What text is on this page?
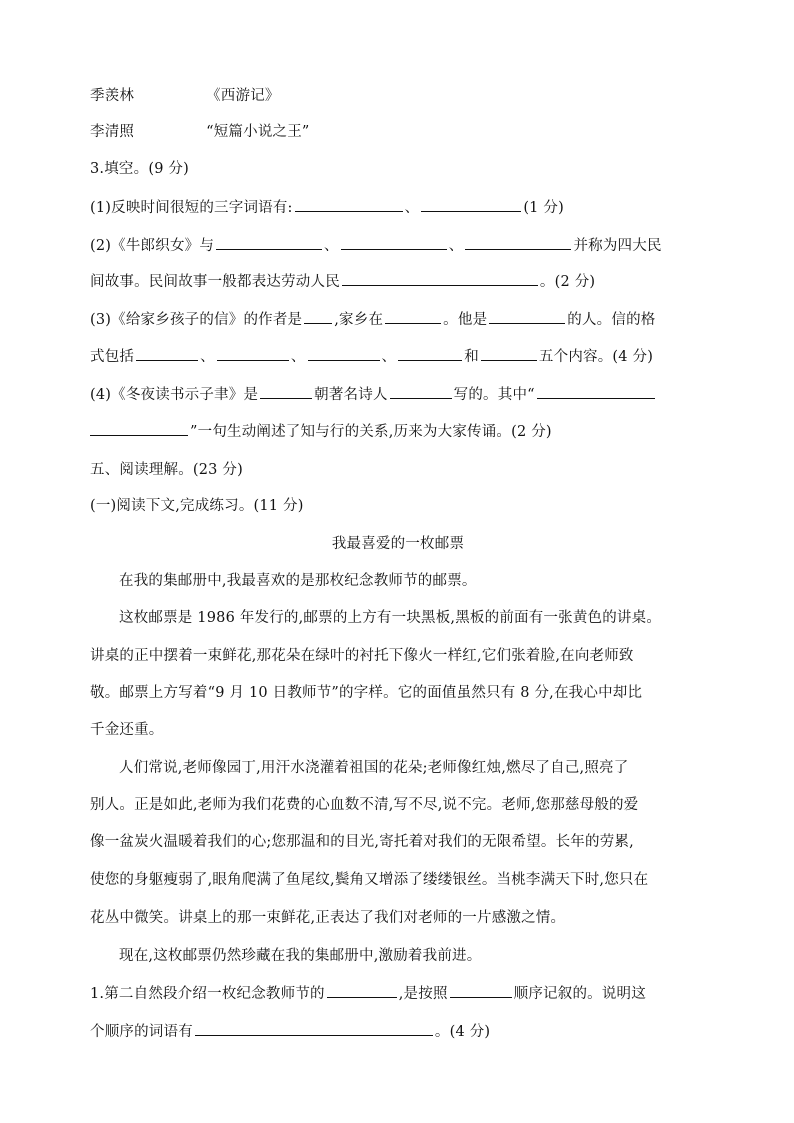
季羡林	《西游记》
李清照	“短篇小说之王”
3.填空。(9 分)
(1)反映时间很短的三字词语有:	、	(1 分)
(2)《牛郎织女》与	、	、	并称为四大民
间故事。民间故事一般都表达劳动人民	。(2 分)
(3)《给家乡孩子的信》的作者是 ,家乡在	。他是	的人。信的格
式包括	、	、	、	和	五个内容。(4 分)
(4)《冬夜读书示子聿》是	朝著名诗人	写的。其中“
”一句生动阐述了知与行的关系,历来为大家传诵。(2 分)
五、阅读理解。(23 分)
(一)阅读下文,完成练习。(11 分)
我最喜爱的一枚邮票
在我的集邮册中,我最喜欢的是那枚纪念教师节的邮票。
这枚邮票是 1986 年发行的,邮票的上方有一块黑板,黑板的前面有一张黄色的讲桌。
讲桌的正中摆着一束鲜花,那花朵在绿叶的衬托下像火一样红,它们张着脸,在向老师致
敬。邮票上方写着“9 月 10 日教师节”的字样。它的面值虽然只有 8 分,在我心中却比
千金还重。
人们常说,老师像园丁,用汗水浇灌着祖国的花朵;老师像红烛,燃尽了自己,照亮了
别人。正是如此,老师为我们花费的心血数不清,写不尽,说不完。老师,您那慈母般的爱
像一盆炭火温暖着我们的心;您那温和的目光,寄托着对我们的无限希望。长年的劳累,
使您的身躯瘦弱了,眼角爬满了鱼尾纹,鬓角又增添了缕缕银丝。当桃李满天下时,您只在
花丛中微笑。讲桌上的那一束鲜花,正表达了我们对老师的一片感激之情。
现在,这枚邮票仍然珍藏在我的集邮册中,激励着我前进。
1.第二自然段介绍一枚纪念教师节的	,是按照	顺序记叙的。说明这
个顺序的词语有	。(4 分)
